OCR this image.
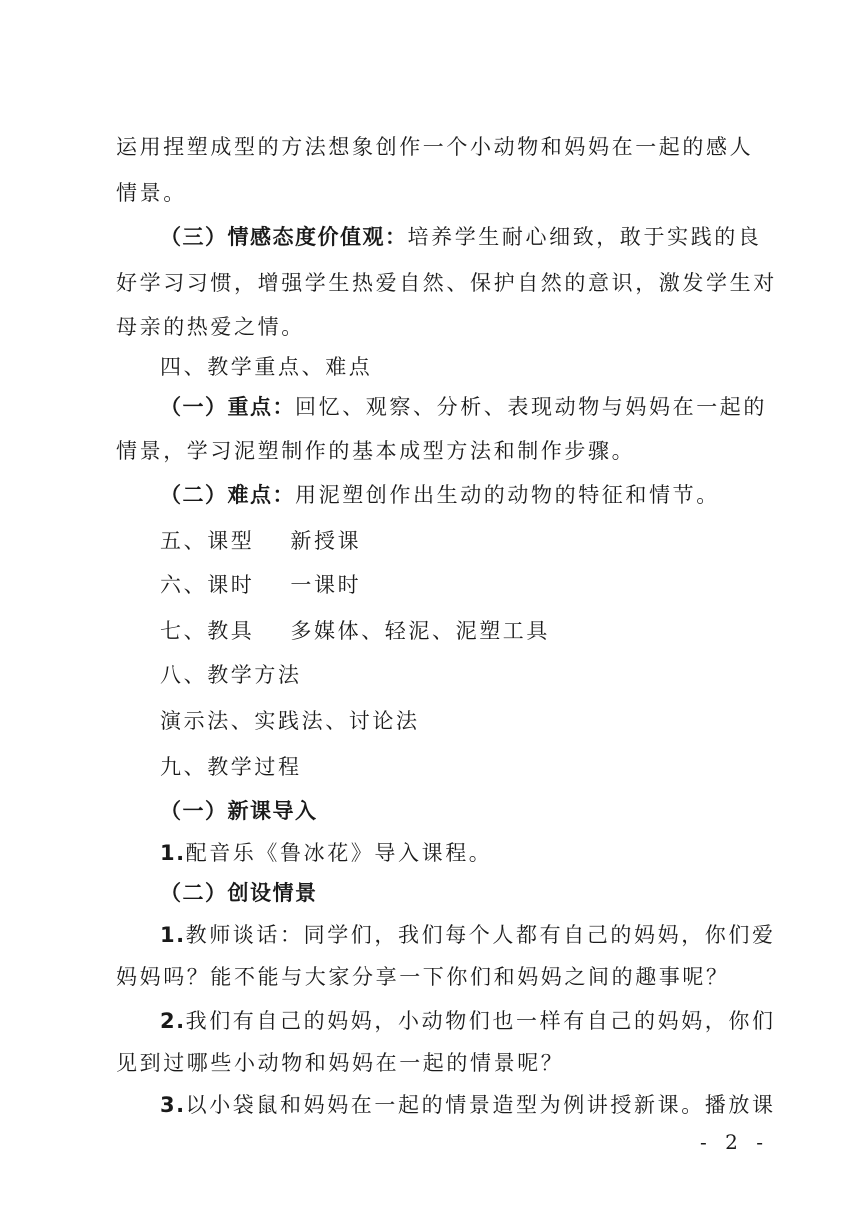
运用捏塑成型的方法想象创作一个小动物和妈妈在一起的感人
情景。
（三）情感态度价值观：培养学生耐心细致，敢于实践的良
好学习习惯，增强学生热爱自然、保护自然的意识，激发学生对
母亲的热爱之情。
四、教学重点、难点
（一）重点：回忆、观察、分析、表现动物与妈妈在一起的
情景，学习泥塑制作的基本成型方法和制作步骤。
（二）难点：用泥塑创作出生动的动物的特征和情节。
五、课型 新授课
六、课时 一课时
七、教具 多媒体、轻泥、泥塑工具
八、教学方法
演示法、实践法、讨论法
九、教学过程
（一）新课导入
1.配音乐《鲁冰花》导入课程。
（二）创设情景
1.教师谈话：同学们，我们每个人都有自己的妈妈，你们爱
妈妈吗？能不能与大家分享一下你们和妈妈之间的趣事呢？
2.我们有自己的妈妈，小动物们也一样有自己的妈妈，你们
见到过哪些小动物和妈妈在一起的情景呢？
3.以小袋鼠和妈妈在一起的情景造型为例讲授新课。播放课
- 2 -
